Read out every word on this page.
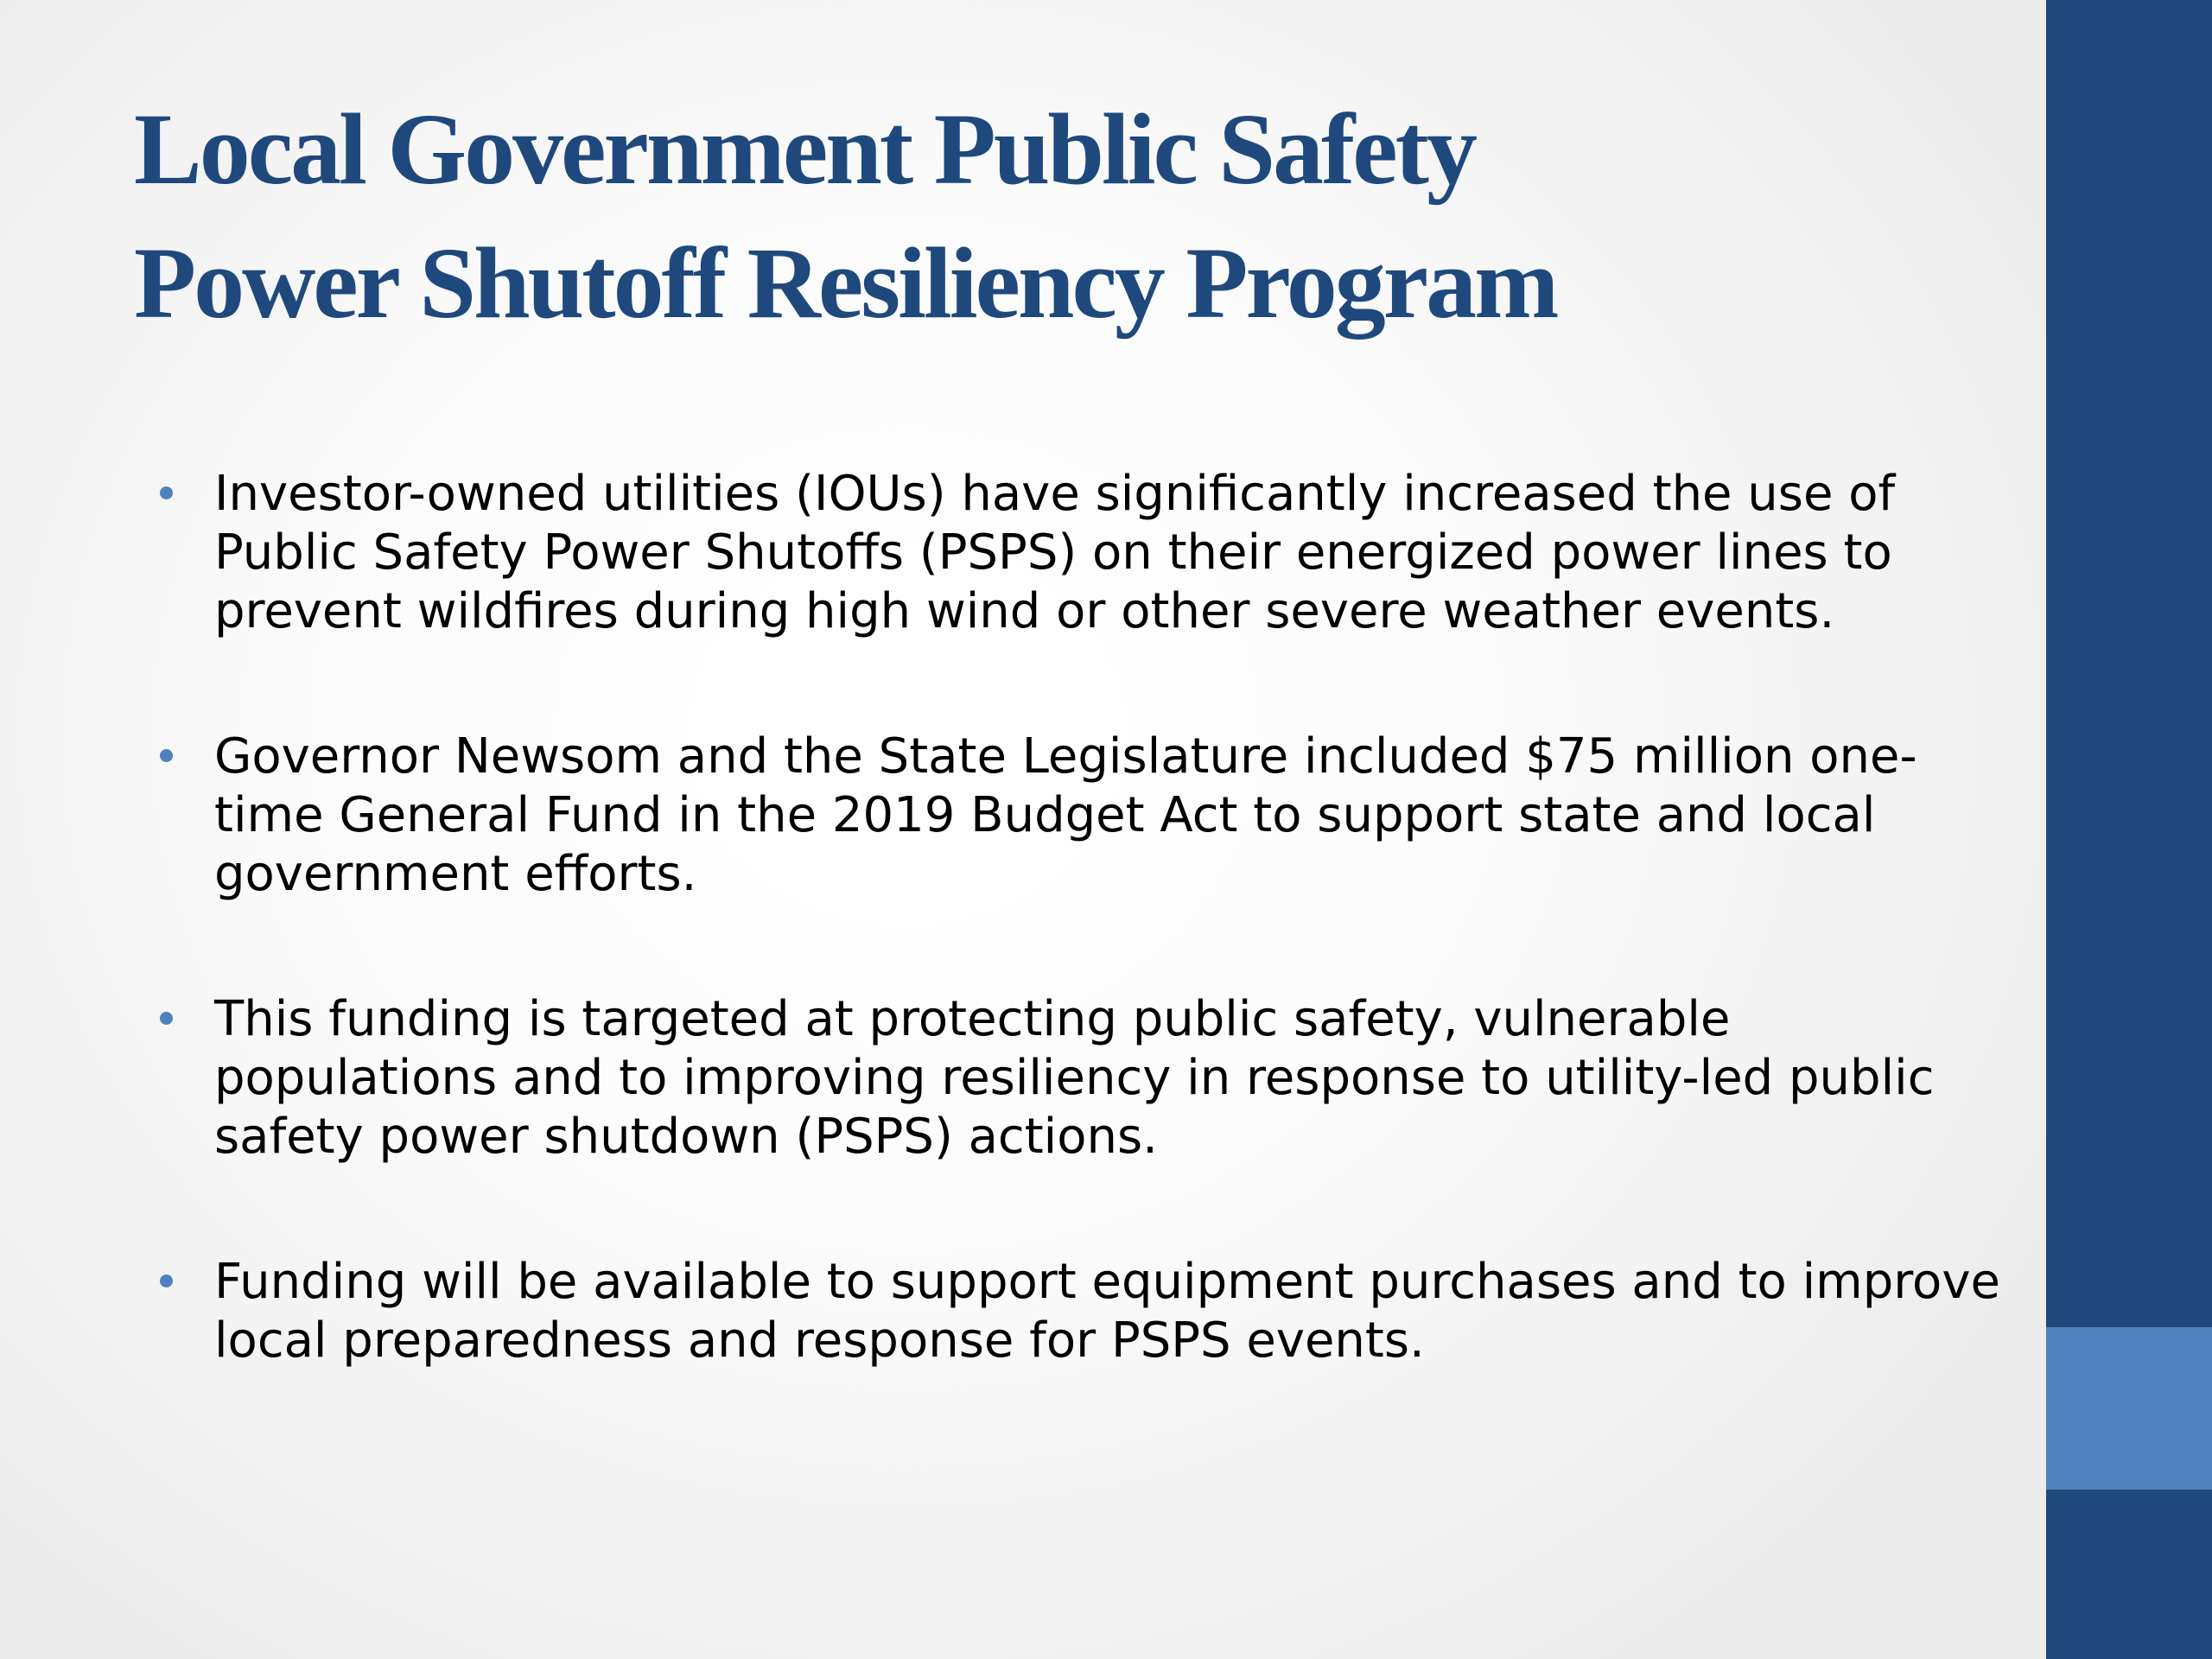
Local Government Public Safety
Power Shutoff Resiliency Program
Investor-owned utilities (IOUs) have significantly increased the use of Public Safety Power Shutoffs (PSPS) on their energized power lines to prevent wildfires during high wind or other severe weather events.
Governor Newsom and the State Legislature included $75 million one-time General Fund in the 2019 Budget Act to support state and local government efforts.
This funding is targeted at protecting public safety, vulnerable populations and to improving resiliency in response to utility-led public safety power shutdown (PSPS) actions.
Funding will be available to support equipment purchases and to improve local preparedness and response for PSPS events.
